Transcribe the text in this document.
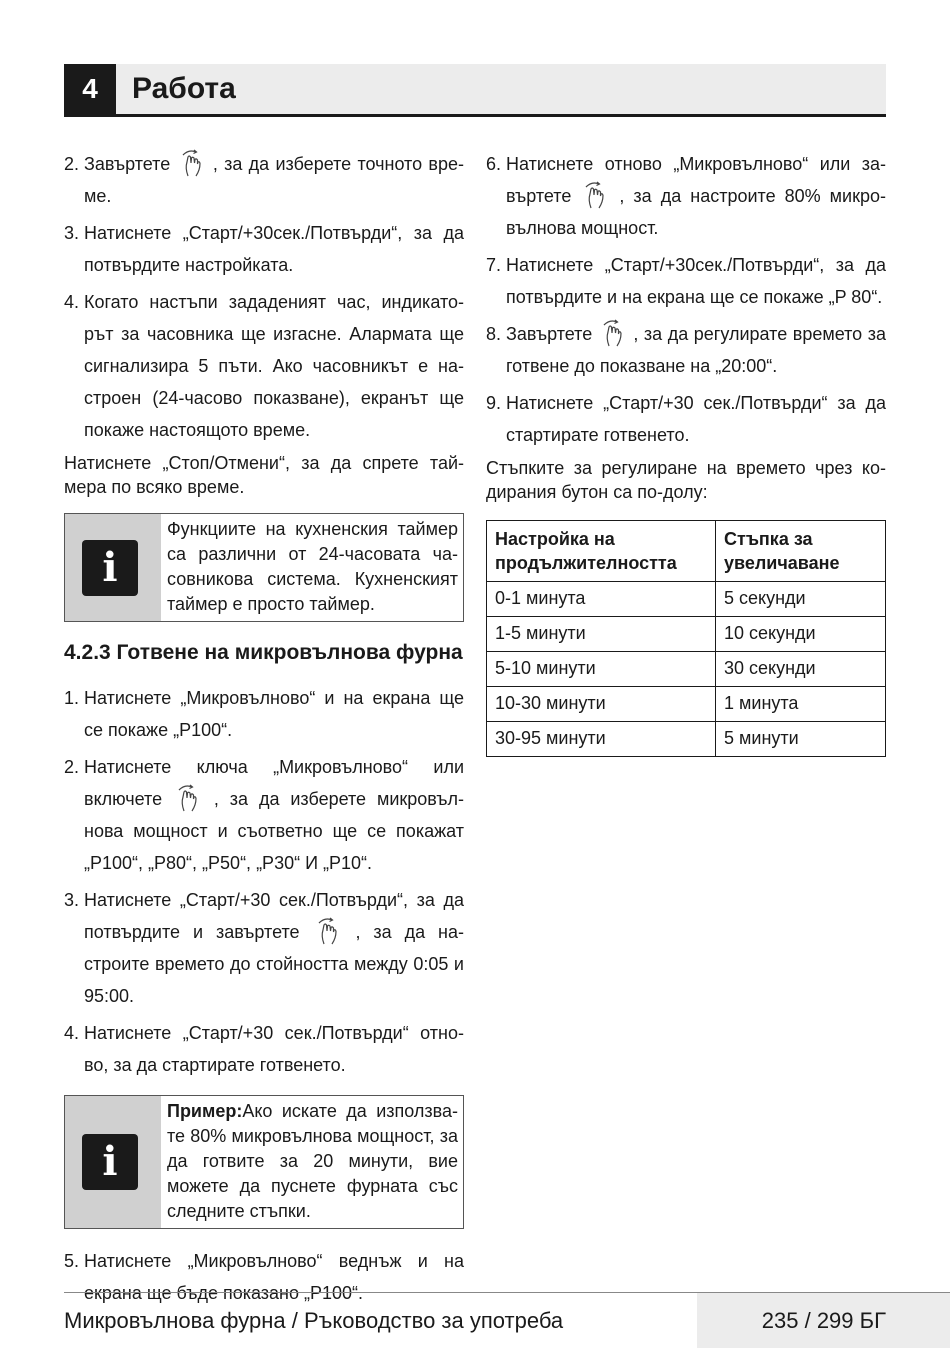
4	Работа
2. Завъртете , за да изберете точното вре-ме.
3. Натиснете „Старт/+30сек./Потвърди“, за да потвърдите настройката.
4. Когато настъпи зададеният час, индикато-рът за часовника ще изгасне. Алармата ще сигнализира 5 пъти. Ако часовникът е на-строен (24-часово показване), екранът ще покаже настоящото време.

Натиснете „Стоп/Отмени“, за да спрете тай-мера по всяко време.

i
Функциите на кухненския таймер са различни от 24-часовата ча-совникова система. Кухненският таймер е просто таймер.
4.2.3 Готвене на микровълнова фурна
1. Натиснете „Микровълново“ и на екрана ще се покаже „P100“.
2. Натиснете ключа „Микровълново“ или включете	, за да изберете микровъл-нова мощност и съответно ще се покажат „P100“, „P80“, „P50“, „P30“ И „P10“.
3. Натиснете „Старт/+30 сек./Потвърди“, за да потвърдите и завъртете	, за да на-строите времето до стойността между 0:05 и 95:00.
4. Натиснете „Старт/+30 сек./Потвърди“ отно-во, за да стартирате готвенето.
i
Пример:Ако искате да използва-те 80% микровълнова мощност, за да готвите за 20 минути, вие можете да пуснете фурната със следните стъпки.
5. Натиснете „Микровълново“ веднъж и на екрана ще бъде показано „P100“.
6. Натиснете отново „Микровълново“ или за-въртете	, за да настроите 80% микро-вълнова мощност.
7. Натиснете „Старт/+30сек./Потвърди“, за да потвърдите и на екрана ще се покаже „P 80“.
8. Завъртете , за да регулирате времето за готвене до показване на „20:00“.
9. Натиснете „Старт/+30 сек./Потвърди“ за да стартирате готвенето.

Стъпките за регулиране на времето чрез ко-дирания бутон са по-долу:

Настройка на продължителността	Стъпка за увеличаване
0-1 минута	5 секунди
1-5 минути	10 секунди
5-10 минути	30 секунди
10-30 минути	1 минута
30-95 минути	5 минути
Микровълнова фурна / Ръководство за употреба	235 / 299 БГ
